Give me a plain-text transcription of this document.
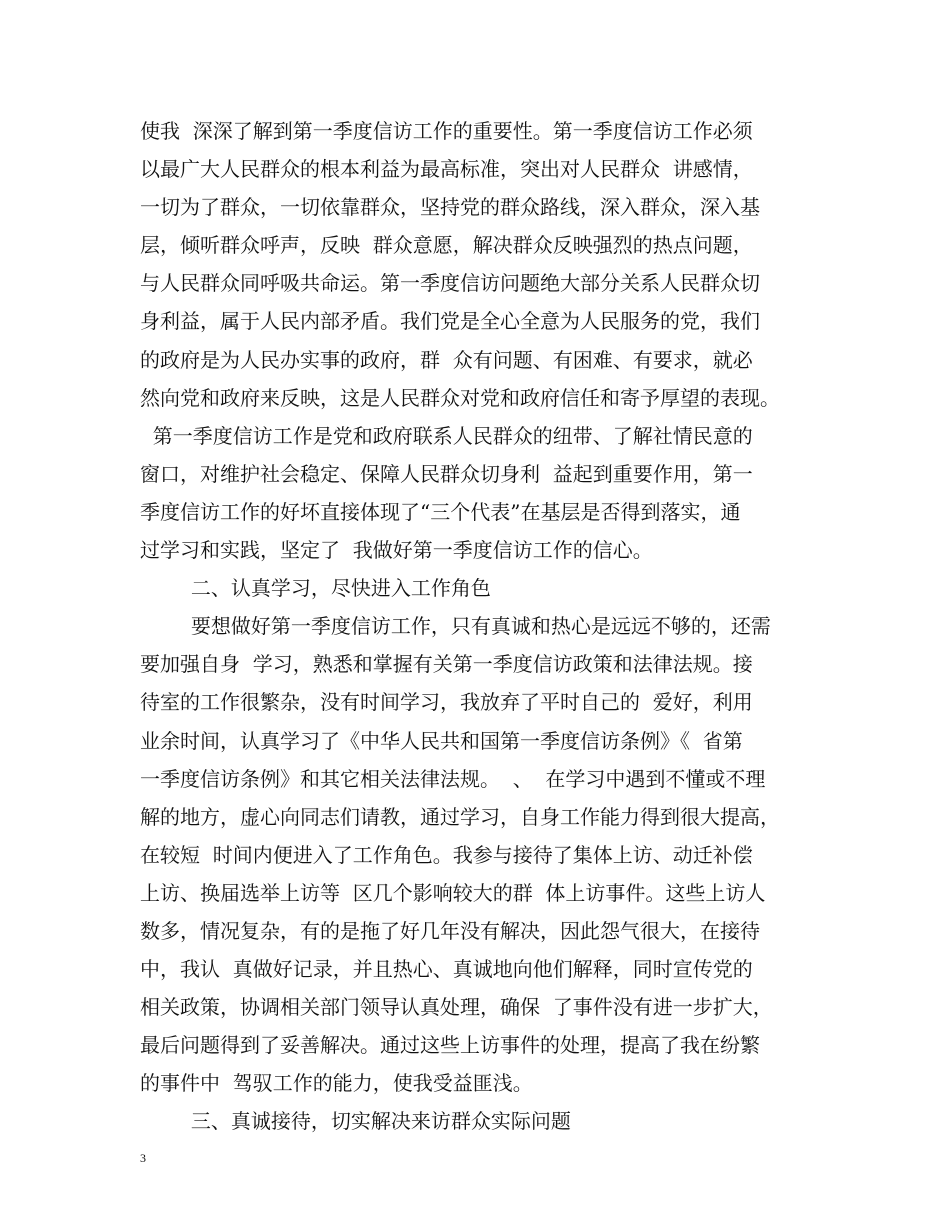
使我  深深了解到第一季度信访工作的重要性。第一季度信访工作必须
以最广大人民群众的根本利益为最高标准，突出对人民群众  讲感情，
一切为了群众，一切依靠群众，坚持党的群众路线，深入群众，深入基
层，倾听群众呼声，反映  群众意愿，解决群众反映强烈的热点问题，
与人民群众同呼吸共命运。第一季度信访问题绝大部分关系人民群众切
身利益，属于人民内部矛盾。我们党是全心全意为人民服务的党，我们
的政府是为人民办实事的政府，群  众有问题、有困难、有要求，就必
然向党和政府来反映，这是人民群众对党和政府信任和寄予厚望的表现。
第一季度信访工作是党和政府联系人民群众的纽带、了解社情民意的
窗口，对维护社会稳定、保障人民群众切身利  益起到重要作用，第一
季度信访工作的好坏直接体现了“三个代表”在基层是否得到落实，通
过学习和实践，坚定了  我做好第一季度信访工作的信心。
二、认真学习，尽快进入工作角色
要想做好第一季度信访工作，只有真诚和热心是远远不够的，还需
要加强自身  学习，熟悉和掌握有关第一季度信访政策和法律法规。接
待室的工作很繁杂，没有时间学习，我放弃了平时自己的  爱好，利用
业余时间，认真学习了《中华人民共和国第一季度信访条例》《  省第
一季度信访条例》和其它相关法律法规。  、  在学习中遇到不懂或不理
解的地方，虚心向同志们请教，通过学习，自身工作能力得到很大提高，
在较短  时间内便进入了工作角色。我参与接待了集体上访、动迁补偿
上访、换届选举上访等  区几个影响较大的群  体上访事件。这些上访人
数多，情况复杂，有的是拖了好几年没有解决，因此怨气很大，在接待
中，我认  真做好记录，并且热心、真诚地向他们解释，同时宣传党的
相关政策，协调相关部门领导认真处理，确保  了事件没有进一步扩大，
最后问题得到了妥善解决。通过这些上访事件的处理，提高了我在纷繁
的事件中  驾驭工作的能力，使我受益匪浅。
三、真诚接待，切实解决来访群众实际问题
3
